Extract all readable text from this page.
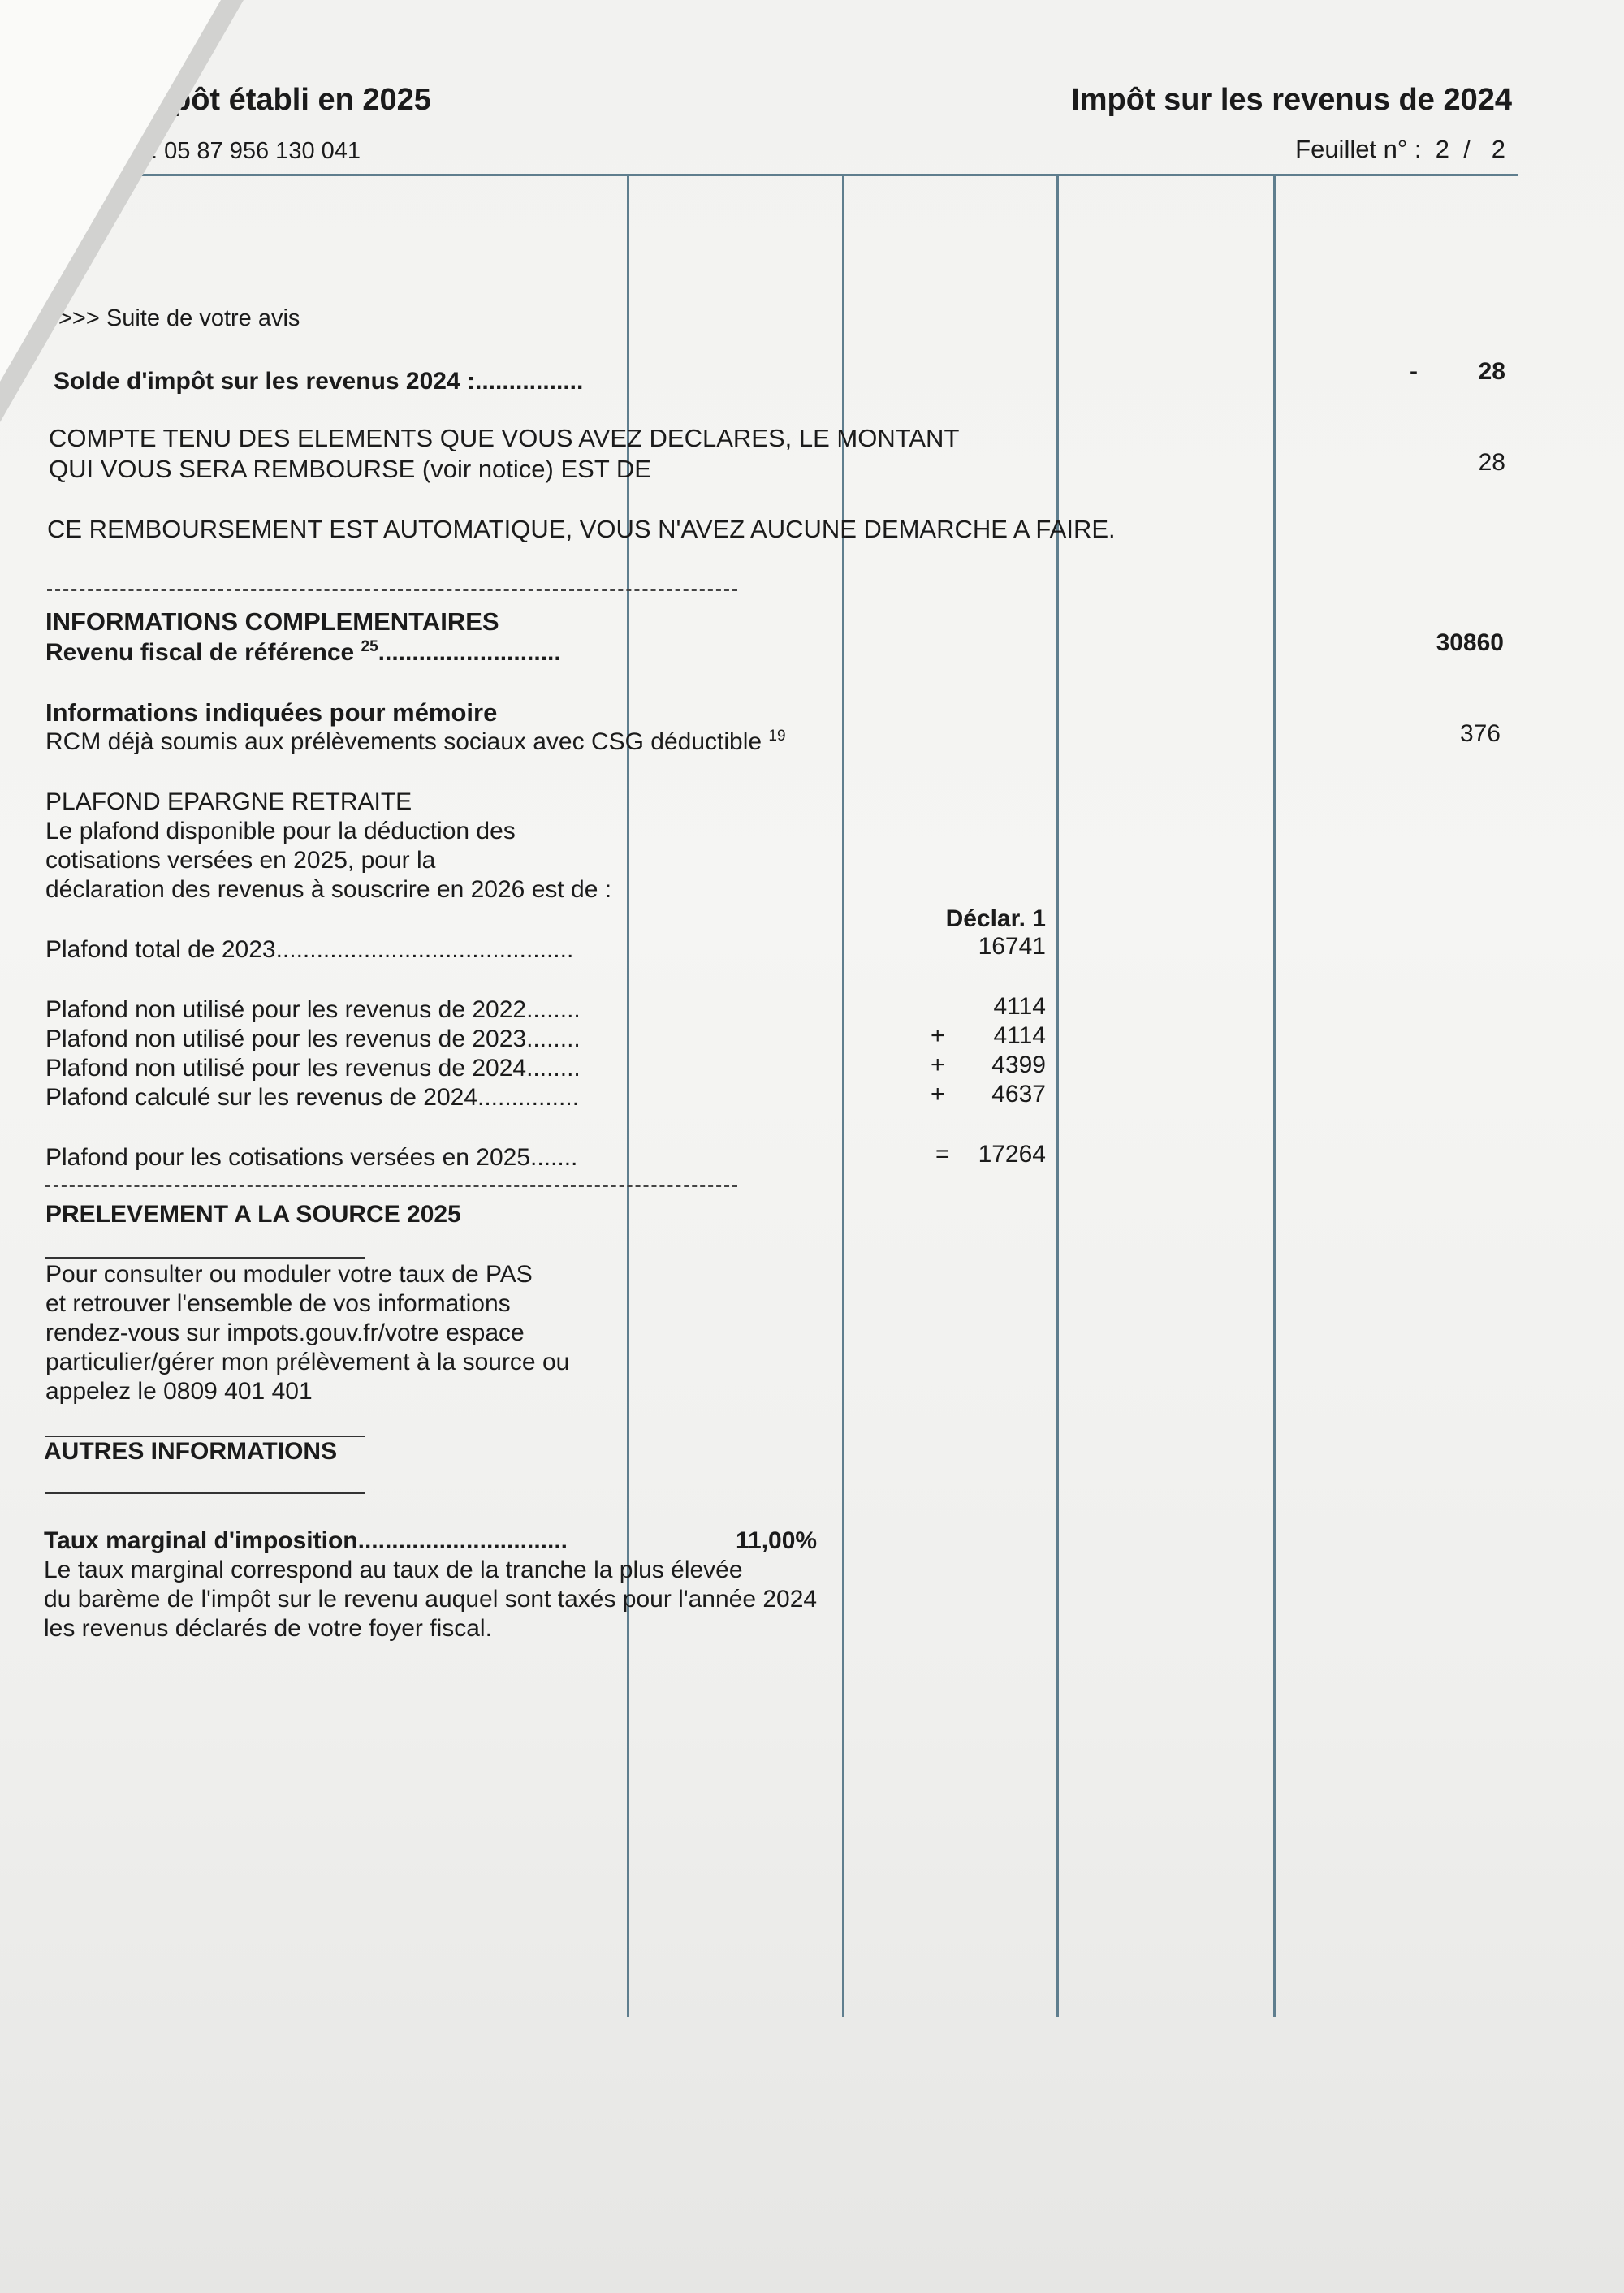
pôt établi en 2025
: 05 87 956 130 041
Impôt sur les revenus de 2024
Feuillet n° : 2 / 2
>>> Suite de votre avis
Solde d'impôt sur les revenus 2024 :................	- 28
COMPTE TENU DES ELEMENTS QUE VOUS AVEZ DECLARES, LE MONTANT
QUI VOUS SERA REMBOURSE (voir notice) EST DE	28
CE REMBOURSEMENT EST AUTOMATIQUE, VOUS N'AVEZ AUCUNE DEMARCHE A FAIRE.
INFORMATIONS COMPLEMENTAIRES
Revenu fiscal de référence $^{25}$...........................	30860
Informations indiquées pour mémoire
RCM déjà soumis aux prélèvements sociaux avec CSG déductible $^{19}$	376
PLAFOND EPARGNE RETRAITE
Le plafond disponible pour la déduction des
cotisations versées en 2025, pour la
déclaration des revenus à souscrire en 2026 est de :
Déclar. 1
Plafond total de 2023............................................	16741
Plafond non utilisé pour les revenus de 2022........	4114
Plafond non utilisé pour les revenus de 2023........	+ 4114
Plafond non utilisé pour les revenus de 2024........	+ 4399
Plafond calculé sur les revenus de 2024...............	+ 4637
Plafond pour les cotisations versées en 2025.......	= 17264
PRELEVEMENT A LA SOURCE 2025
Pour consulter ou moduler votre taux de PAS
et retrouver l'ensemble de vos informations
rendez-vous sur impots.gouv.fr/votre espace
particulier/gérer mon prélèvement à la source ou
appelez le 0809 401 401
AUTRES INFORMATIONS
Taux marginal d'imposition...............................	11,00%
Le taux marginal correspond au taux de la tranche la plus élevée
du barème de l'impôt sur le revenu auquel sont taxés pour l'année 2024
les revenus déclarés de votre foyer fiscal.
